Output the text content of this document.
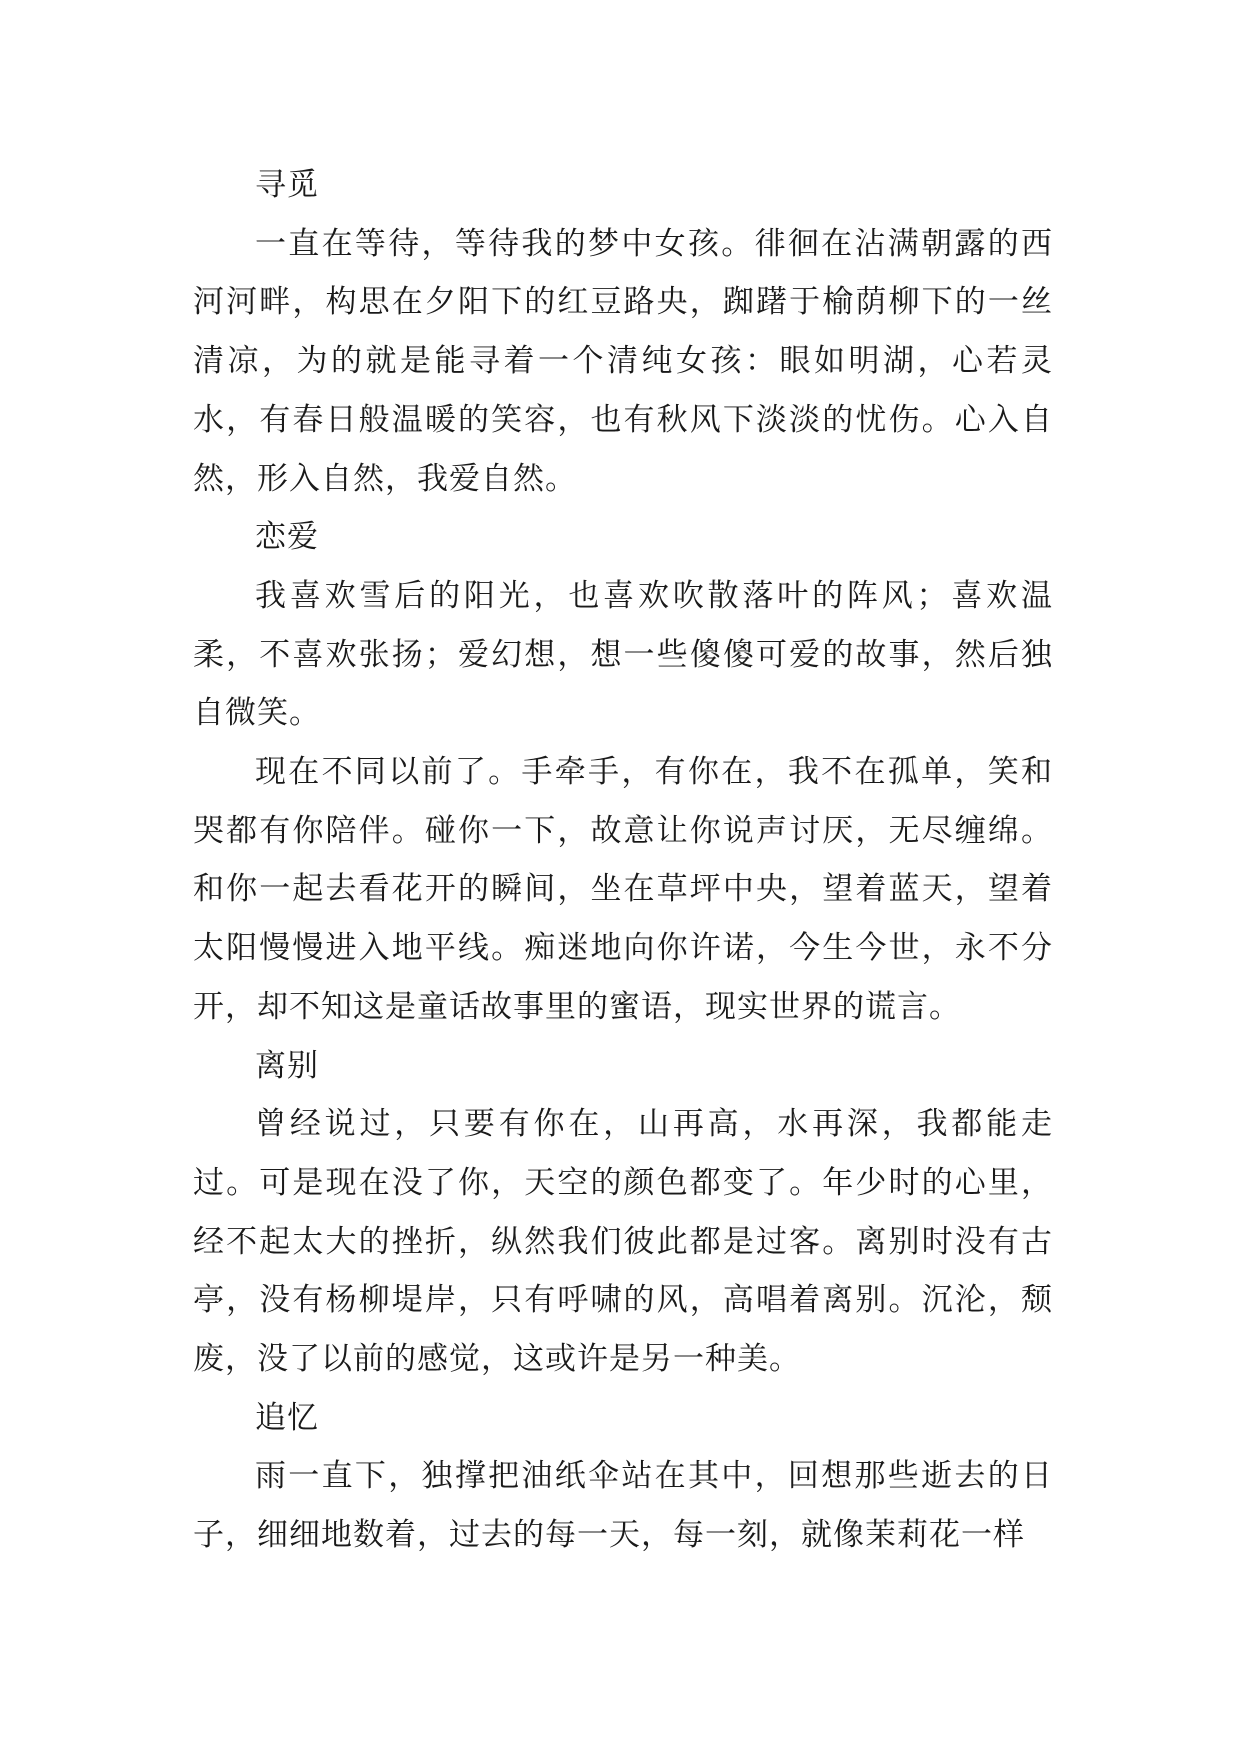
寻觅

一直在等待，等待我的梦中女孩。徘徊在沾满朝露的西河河畔，构思在夕阳下的红豆路央，踟躇于榆荫柳下的一丝清凉，为的就是能寻着一个清纯女孩：眼如明湖，心若灵水，有春日般温暖的笑容，也有秋风下淡淡的忧伤。心入自然，形入自然，我爱自然。

恋爱

我喜欢雪后的阳光，也喜欢吹散落叶的阵风；喜欢温柔，不喜欢张扬；爱幻想，想一些傻傻可爱的故事，然后独自微笑。

现在不同以前了。手牵手，有你在，我不在孤单，笑和哭都有你陪伴。碰你一下，故意让你说声讨厌，无尽缠绵。和你一起去看花开的瞬间，坐在草坪中央，望着蓝天，望着太阳慢慢进入地平线。痴迷地向你许诺，今生今世，永不分开，却不知这是童话故事里的蜜语，现实世界的谎言。

离别

曾经说过，只要有你在，山再高，水再深，我都能走过。可是现在没了你，天空的颜色都变了。年少时的心里，经不起太大的挫折，纵然我们彼此都是过客。离别时没有古亭，没有杨柳堤岸，只有呼啸的风，高唱着离别。沉沦，颓废，没了以前的感觉，这或许是另一种美。

追忆

雨一直下，独撑把油纸伞站在其中，回想那些逝去的日子，细细地数着，过去的每一天，每一刻，就像茉莉花一样
